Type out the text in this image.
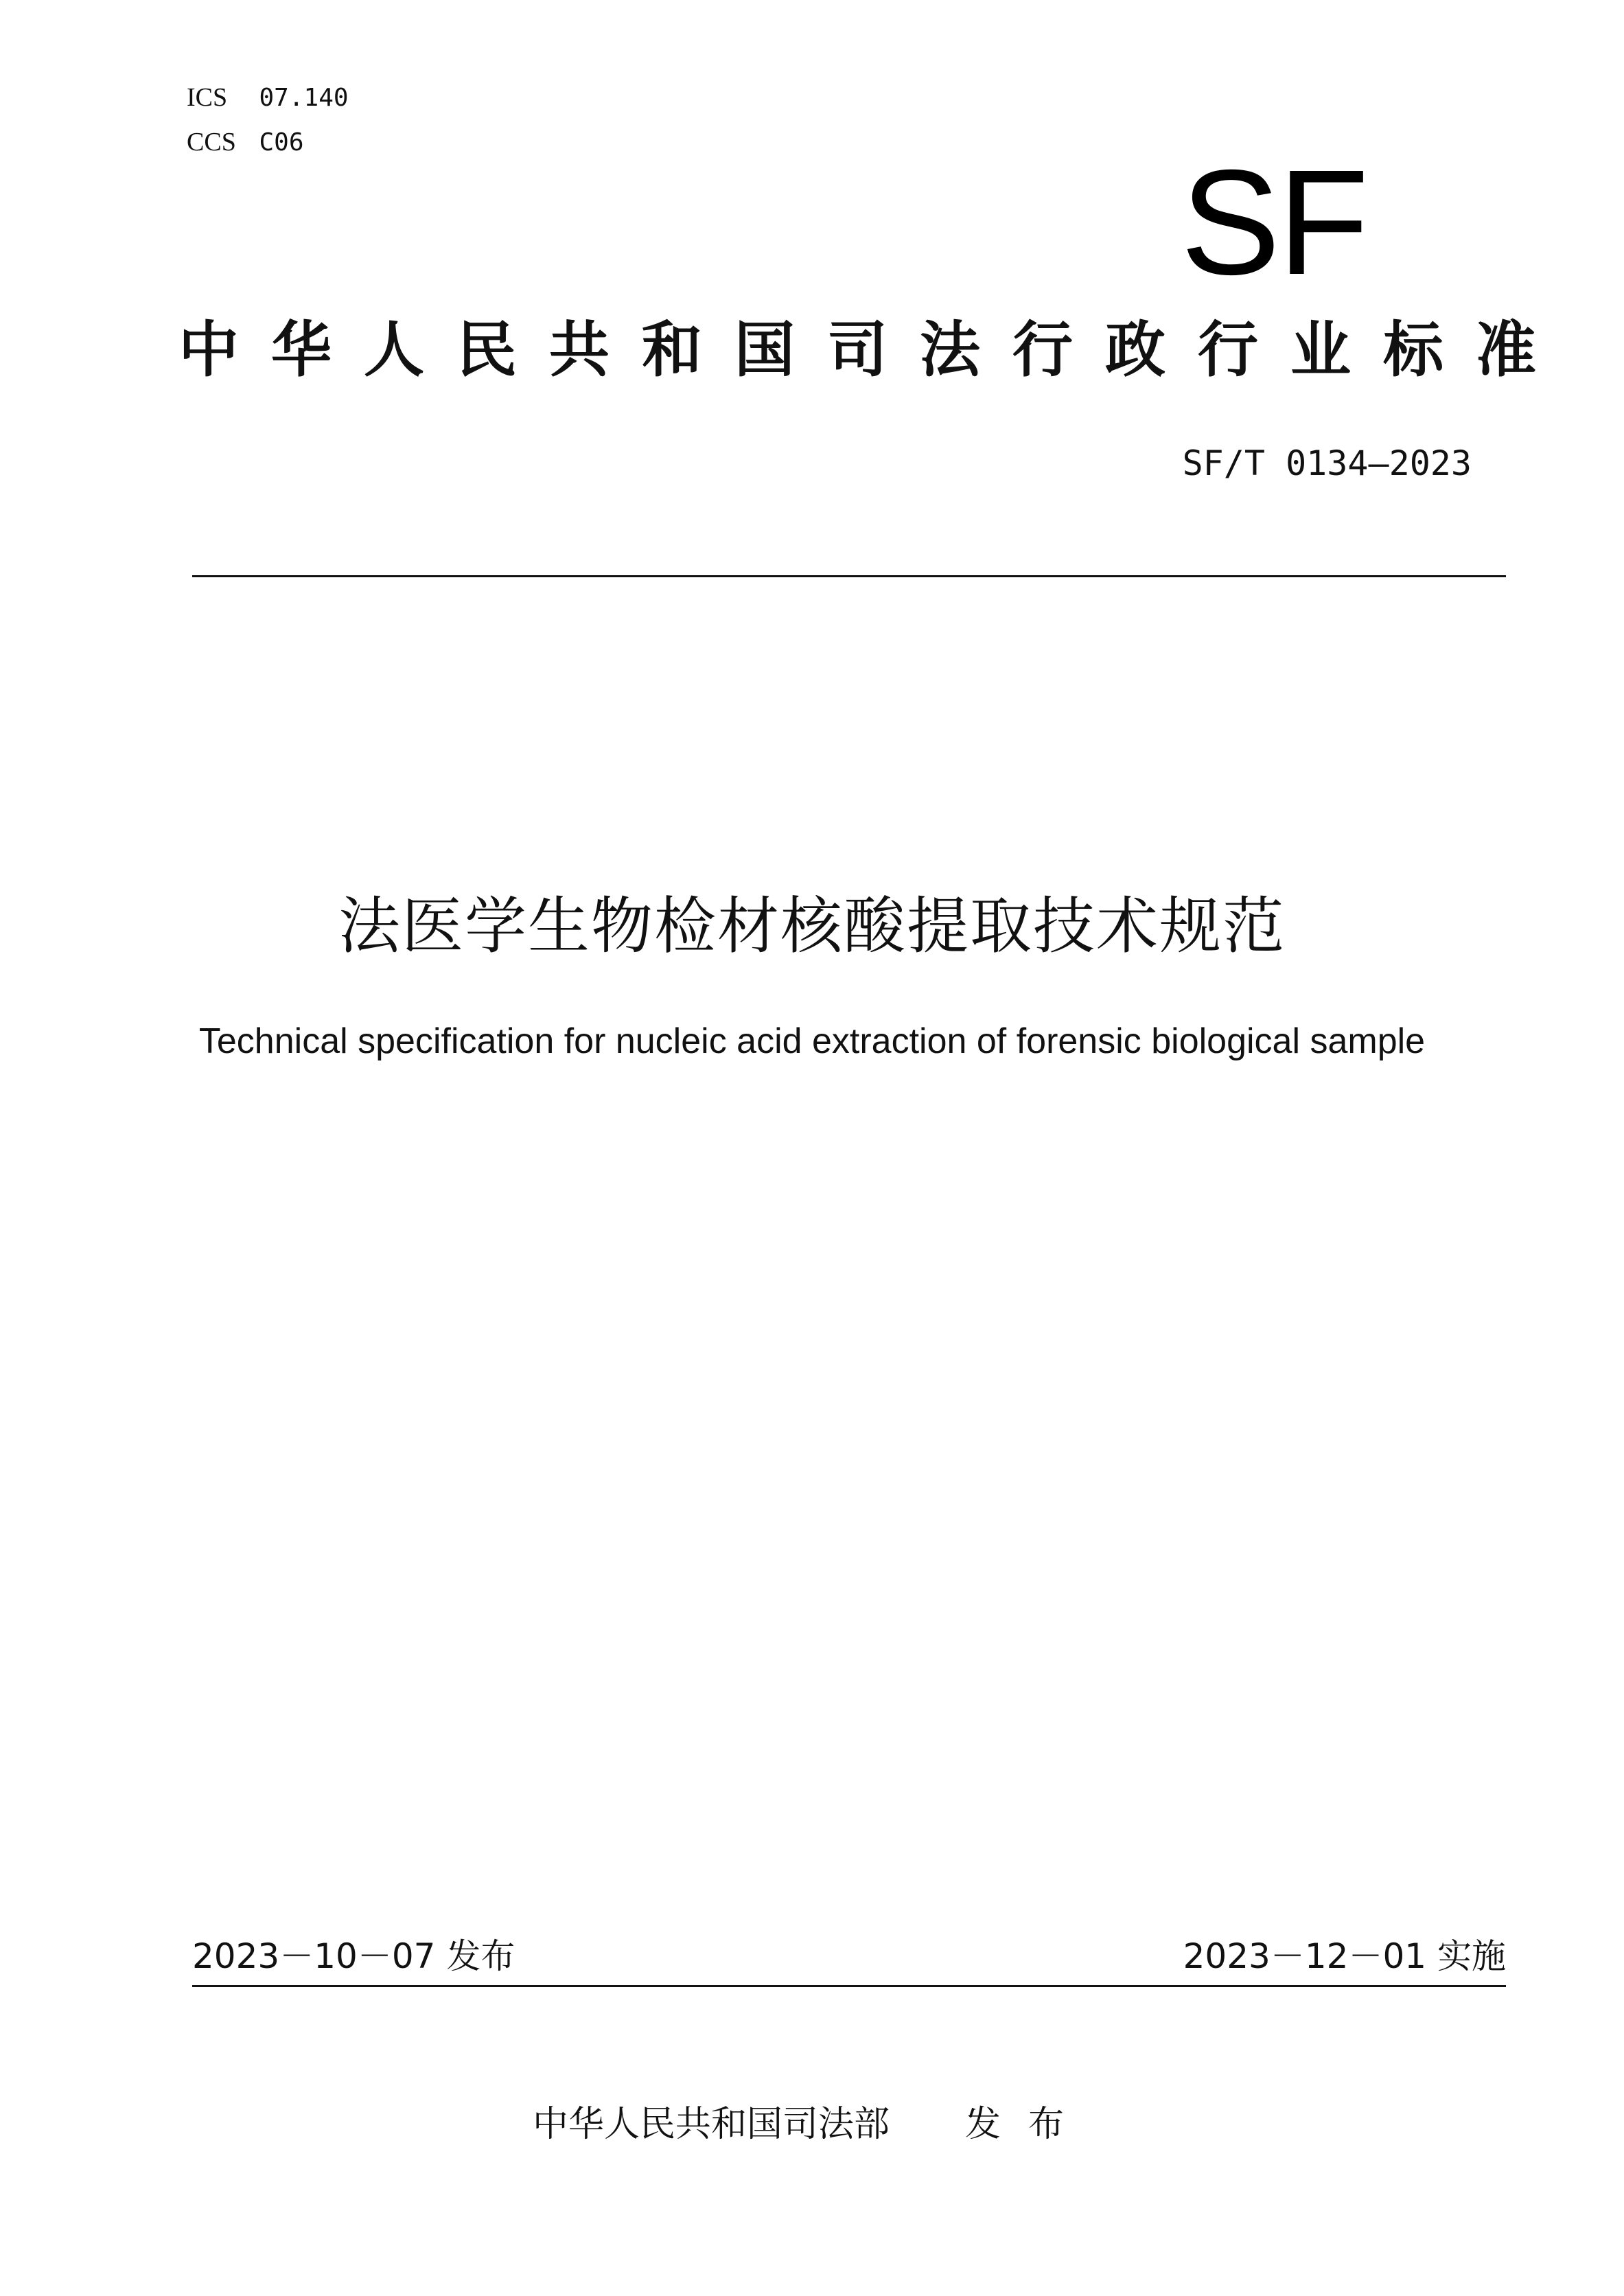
ICS 07.140
CCS C06	SF
中华人民共和国司法行政行业标准
SF/T 0134—2023
法医学生物检材核酸提取技术规范
Technical specification for nucleic acid extraction of forensic biological sample
2023－10－07 发布	2023－12－01 实施
中华人民共和国司法部 发布
